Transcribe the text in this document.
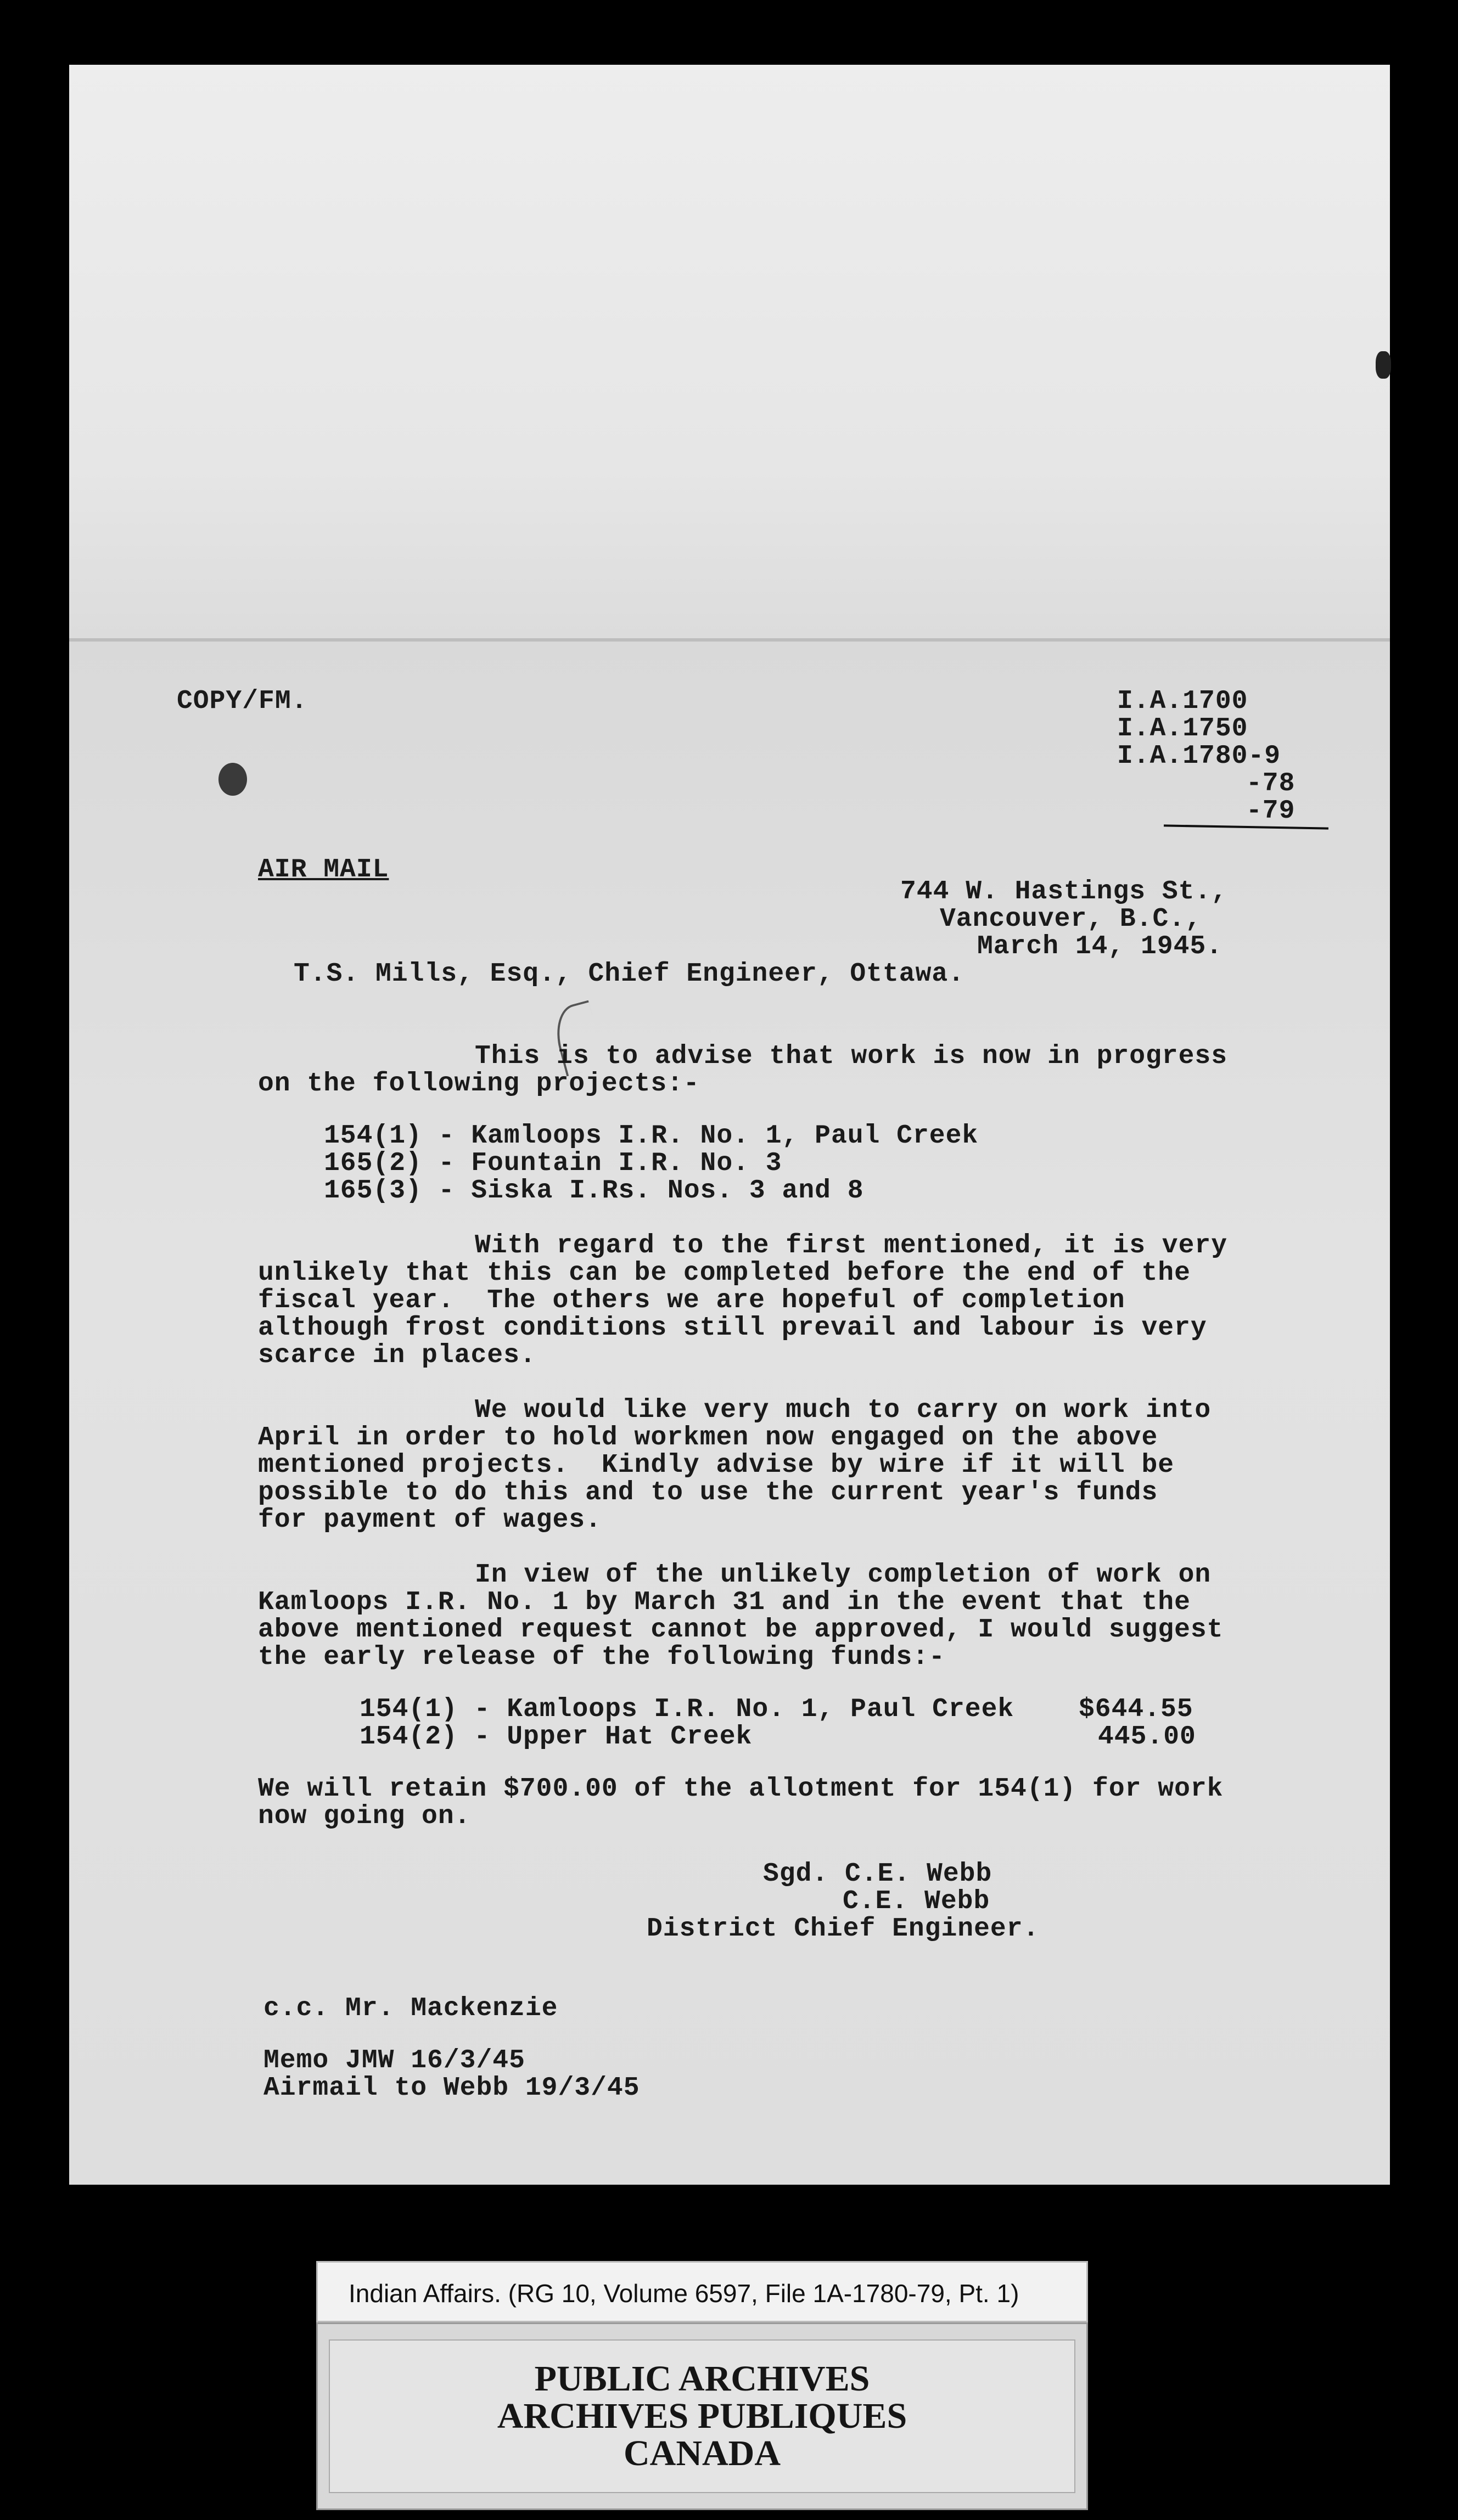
COPY/FM.	I.A.1700

I.A.1750

I.A.1780-9

-78

-79

AIR MAIL

744 W. Hastings St.,

Vancouver, B.C.,

March 14, 1945.

T.S. Mills, Esq., Chief Engineer, Ottawa.

This is to advise that work is now in progress

on the following projects:-

154(1) - Kamloops I.R. No. 1, Paul Creek

165(2) - Fountain I.R. No. 3

165(3) - Siska I.Rs. Nos. 3 and 8

With regard to the first mentioned, it is very

unlikely that this can be completed before the end of the

fiscal year.  The others we are hopeful of completion

although frost conditions still prevail and labour is very

scarce in places.

We would like very much to carry on work into

April in order to hold workmen now engaged on the above

mentioned projects.  Kindly advise by wire if it will be

possible to do this and to use the current year's funds

for payment of wages.

In view of the unlikely completion of work on

Kamloops I.R. No. 1 by March 31 and in the event that the

above mentioned request cannot be approved, I would suggest

the early release of the following funds:-

154(1) - Kamloops I.R. No. 1, Paul Creek $644.55

154(2) - Upper Hat Creek	445.00

We will retain $700.00 of the allotment for 154(1) for work

now going on.

Sgd. C.E. Webb

C.E. Webb

District Chief Engineer.

c.c. Mr. Mackenzie

Memo JMW 16/3/45

Airmail to Webb 19/3/45

Indian Affairs. (RG 10, Volume 6597, File 1A-1780-79, Pt. 1)
PUBLIC ARCHIVES
ARCHIVES PUBLIQUES
CANADA
